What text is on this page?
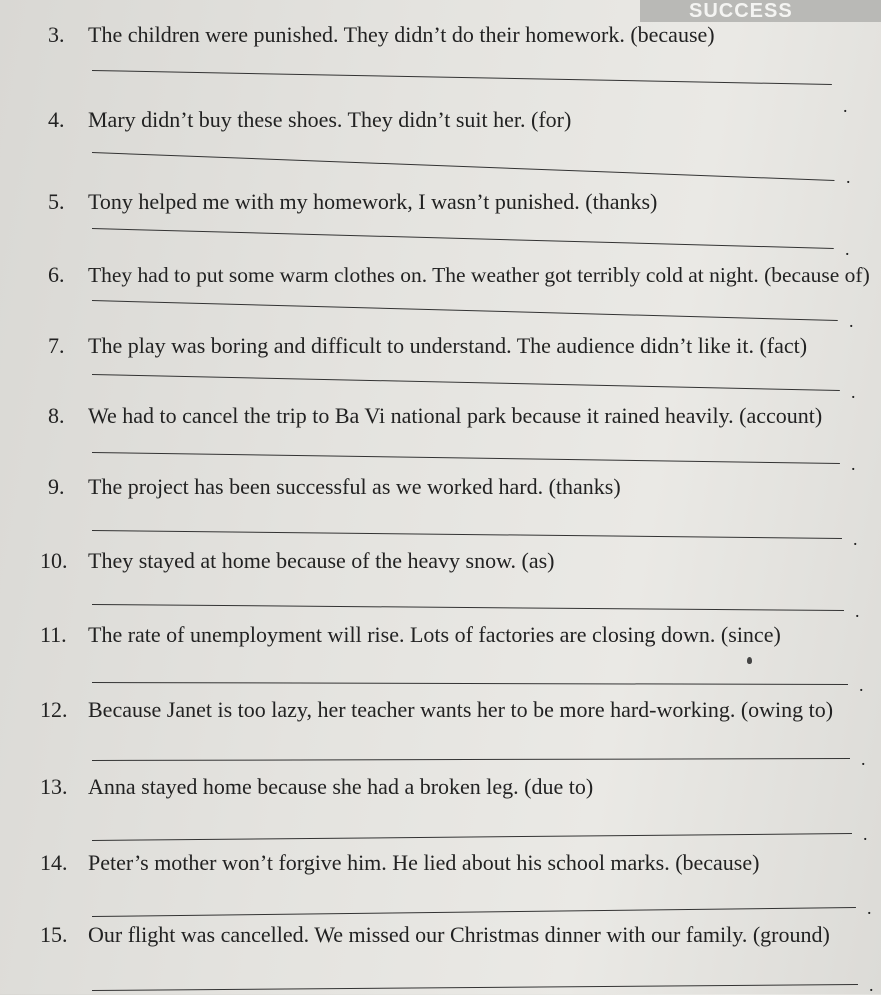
SUCCESS
3. The children were punished. They didn’t do their homework. (because)
.
4. Mary didn’t buy these shoes. They didn’t suit her. (for)
.
5. Tony helped me with my homework, I wasn’t punished. (thanks)
.
6. They had to put some warm clothes on. The weather got terribly cold at night. (because of)
.
7. The play was boring and difficult to understand. The audience didn’t like it. (fact)
.
8. We had to cancel the trip to Ba Vi national park because it rained heavily. (account)
.
9. The project has been successful as we worked hard. (thanks)
.
10. They stayed at home because of the heavy snow. (as)
.
11. The rate of unemployment will rise. Lots of factories are closing down. (since)
.
12. Because Janet is too lazy, her teacher wants her to be more hard-working. (owing to)
.
13. Anna stayed home because she had a broken leg. (due to)
.
14. Peter’s mother won’t forgive him. He lied about his school marks. (because)
.
15. Our flight was cancelled. We missed our Christmas dinner with our family. (ground)
.
